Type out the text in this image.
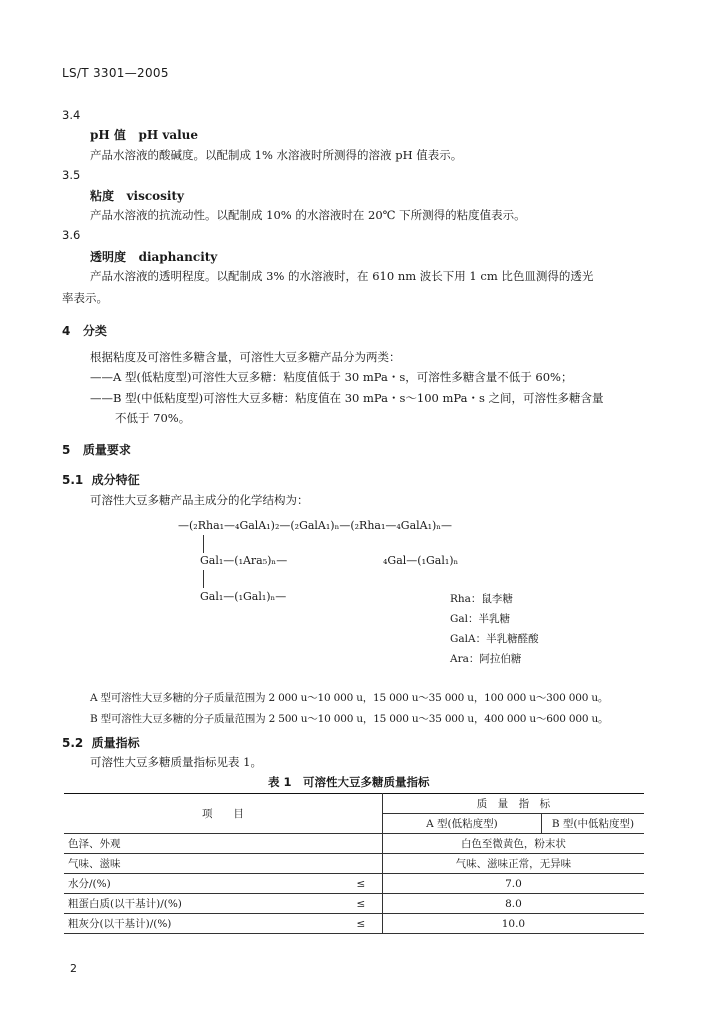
LS/T 3301—2005
3.4
pH 值 pH value
产品水溶液的酸碱度。以配制成 1% 水溶液时所测得的溶液 pH 值表示。
3.5
粘度 viscosity
产品水溶液的抗流动性。以配制成 10% 的水溶液时在 20℃ 下所测得的粘度值表示。
3.6
透明度 diaphancity
产品水溶液的透明程度。以配制成 3% 的水溶液时，在 610 nm 波长下用 1 cm 比色皿测得的透光
率表示。
4 分类
根据粘度及可溶性多糖含量，可溶性大豆多糖产品分为两类：
——A 型(低粘度型)可溶性大豆多糖：粘度值低于 30 mPa・s，可溶性多糖含量不低于 60%；
——B 型(中低粘度型)可溶性大豆多糖：粘度值在 30 mPa・s～100 mPa・s 之间，可溶性多糖含量
不低于 70%。
5 质量要求
5.1 成分特征
可溶性大豆多糖产品主成分的化学结构为：
—(₂Rha₁—₄GalA₁)₂—(₂GalA₁)ₙ—(₂Rha₁—₄GalA₁)ₙ—
Gal₁—(₁Ara₅)ₙ—	₄Gal—(₁Gal₁)ₙ
Gal₁—(₁Gal₁)ₙ—	Rha：鼠李糖
Gal：半乳糖
GalA：半乳糖醛酸
Ara：阿拉伯糖
A 型可溶性大豆多糖的分子质量范围为 2 000 u～10 000 u，15 000 u～35 000 u，100 000 u～300 000 u。
B 型可溶性大豆多糖的分子质量范围为 2 500 u～10 000 u，15 000 u～35 000 u，400 000 u～600 000 u。
5.2 质量指标
可溶性大豆多糖质量指标见表 1。
表 1　可溶性大豆多糖质量指标
项　　目		质　量　指　标	
		A 型(低粘度型)	B 型(中低粘度型)
色泽、外观		白色至微黄色，粉末状	
气味、滋味		气味、滋味正常，无异味	
水分/(%)	≤	7.0	
粗蛋白质(以干基计)/(%)	≤	8.0	
粗灰分(以干基计)/(%)	≤	10.0	
2
